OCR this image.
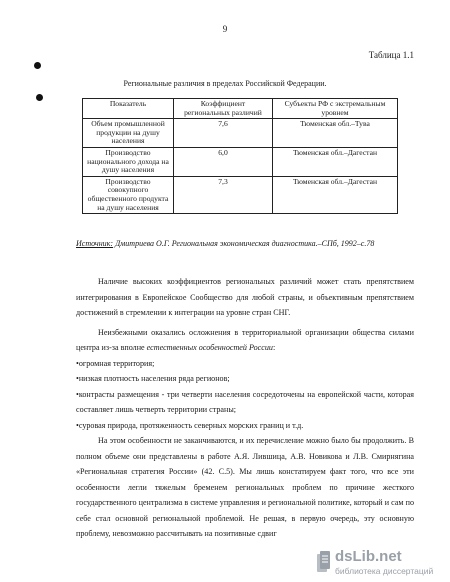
9
Таблица 1.1
Региональные различия в пределах Российской Федерации.
Показатель	Коэффициент региональных различий	Субъекты РФ с экстремальным уровнем
Объем промышленной продукции на душу населения	7,6	Тюменская обл.–Тува
Производство национального дохода на душу населения	6,0	Тюменская обл.–Дагестан
Производство совокупного общественного продукта на душу населения	7,3	Тюменская обл.–Дагестан
Источник: Дмитриева О.Г. Региональная экономическая диагностика.–СПб, 1992–с.78

Наличие высоких коэффициентов региональных различий может стать препятствием интегрирования в Европейское Сообщество для любой страны, и объективным препятствием достижений в стремлении к интеграции на уровне стран СНГ.

Неизбежными оказались осложнения в территориальной организации общества силами центра из-за вполне естественных особенностей России:

•огромная территория;

•низкая плотность населения ряда регионов;

•контрасты размещения - три четверти населения сосредоточены на европейской части, которая составляет лишь четверть территории страны;

•суровая природа, протяженность северных морских границ и т.д.

На этом особенности не заканчиваются, и их перечисление можно было бы продолжить. В полном объеме они представлены в работе А.Я. Лившица, А.В. Новикова и Л.В. Смирнягина «Региональная стратегия России» (42. С.5). Мы лишь констатируем факт того, что все эти особенности легли тяжелым бременем региональных проблем по причине жесткого государственного централизма в системе управления и региональной политике, который и сам по себе стал основной региональной проблемой. Не решая, в первую очередь, эту основную проблему, невозможно рассчитывать на позитивные сдвиг

dsLib.net
библиотека диссертаций
